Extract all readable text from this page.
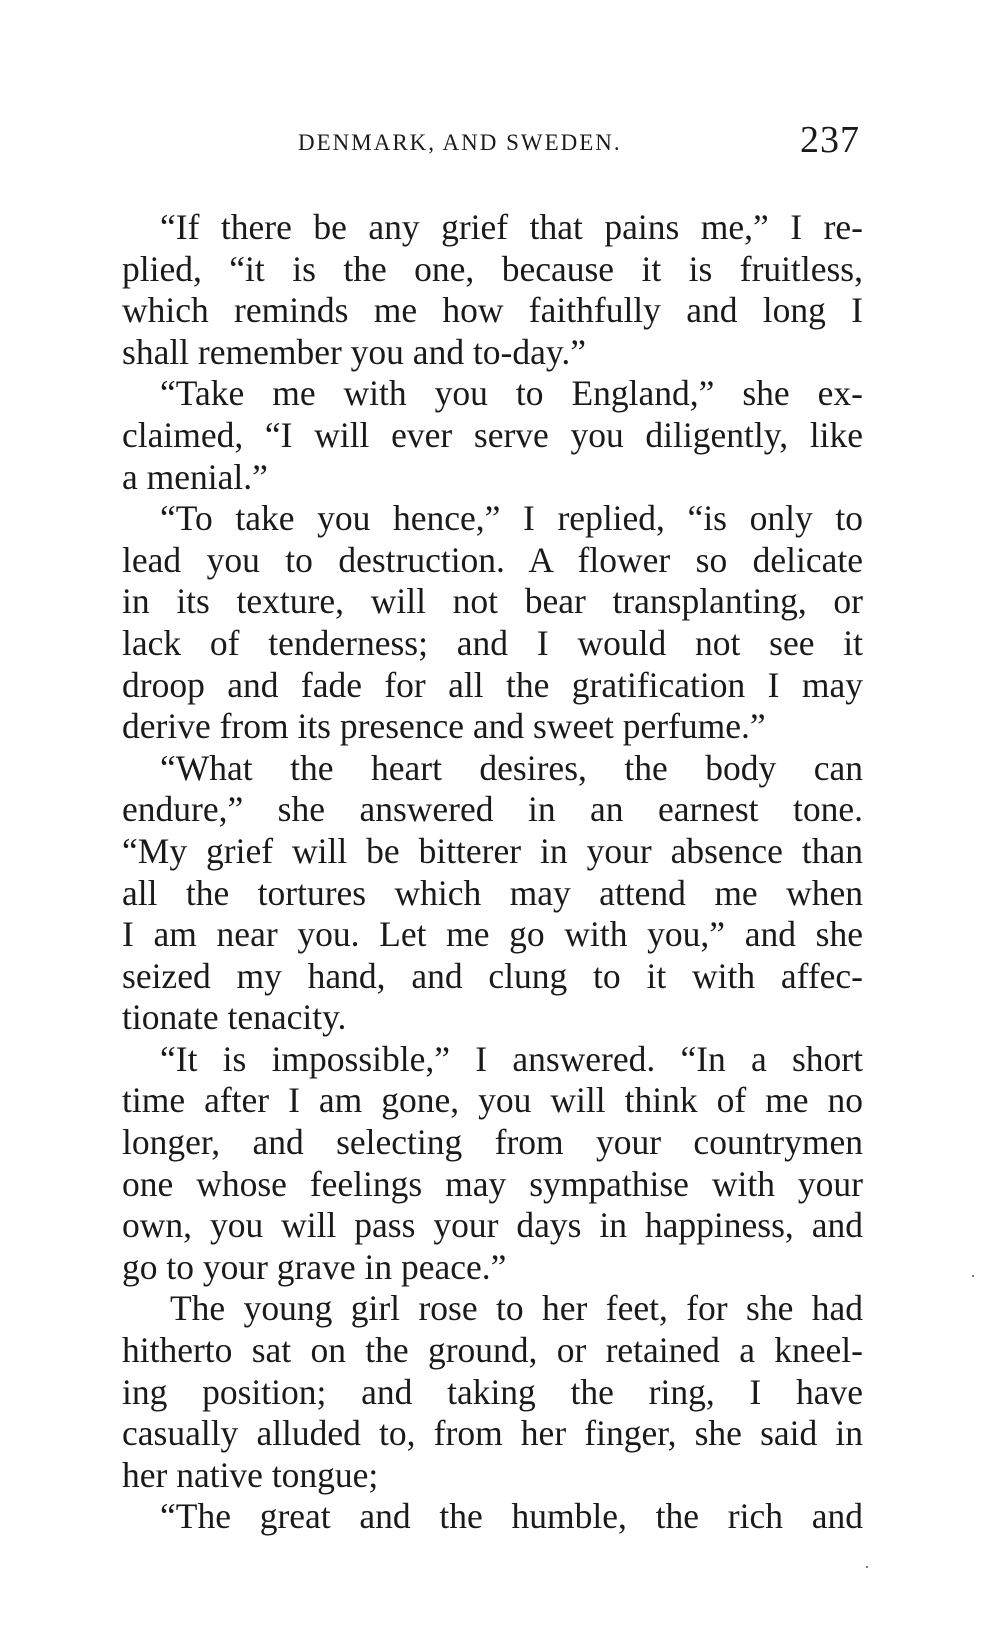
DENMARK, AND SWEDEN.	237
“If there be any grief that pains me,” I re-
plied, “it is the one, because it is fruitless,
which reminds me how faithfully and long I
shall remember you and to-day.”
“Take me with you to England,” she ex-
claimed, “I will ever serve you diligently, like
a menial.”
“To take you hence,” I replied, “is only to
lead you to destruction. A flower so delicate
in its texture, will not bear transplanting, or
lack of tenderness; and I would not see it
droop and fade for all the gratification I may
derive from its presence and sweet perfume.”
“What the heart desires, the body can
endure,” she answered in an earnest tone.
“My grief will be bitterer in your absence than
all the tortures which may attend me when
I am near you. Let me go with you,” and she
seized my hand, and clung to it with affec-
tionate tenacity.
“It is impossible,” I answered. “In a short
time after I am gone, you will think of me no
longer, and selecting from your countrymen
one whose feelings may sympathise with your
own, you will pass your days in happiness, and
go to your grave in peace.”
The young girl rose to her feet, for she had
hitherto sat on the ground, or retained a kneel-
ing position; and taking the ring, I have
casually alluded to, from her finger, she said in
her native tongue;
“The great and the humble, the rich and
